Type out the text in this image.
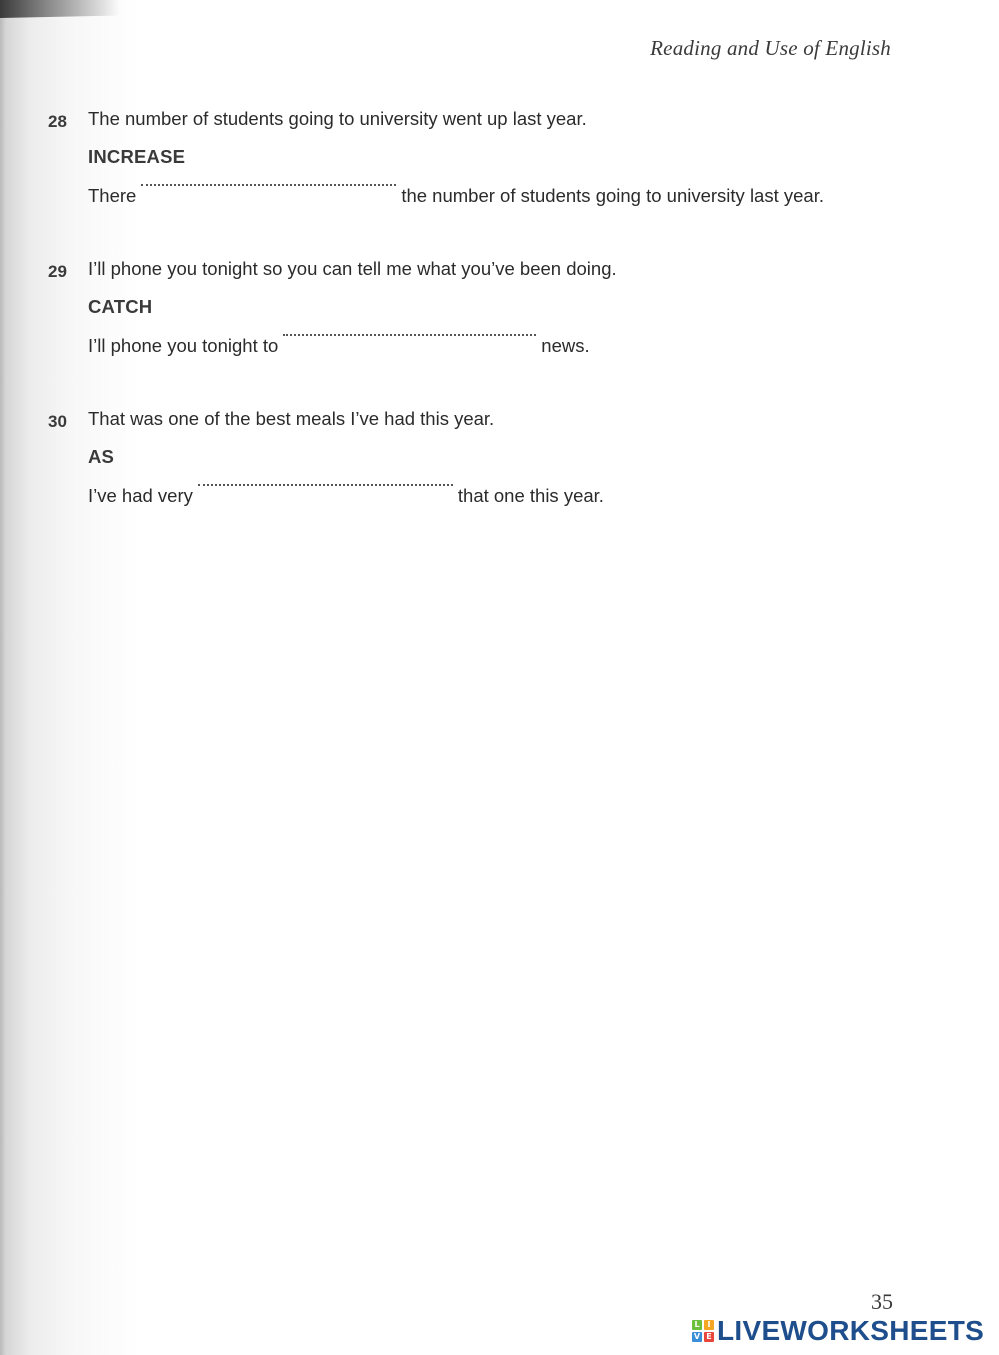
Reading and Use of English
28 The number of students going to university went up last year.
INCREASE
There	the number of students going to university last year.
29 I’ll phone you tonight so you can tell me what you’ve been doing.
CATCH
I’ll phone you tonight to	news.
30 That was one of the best meals I’ve had this year.
AS
I’ve had very	that one this year.
35
L I
V E LIVEWORKSHEETS
